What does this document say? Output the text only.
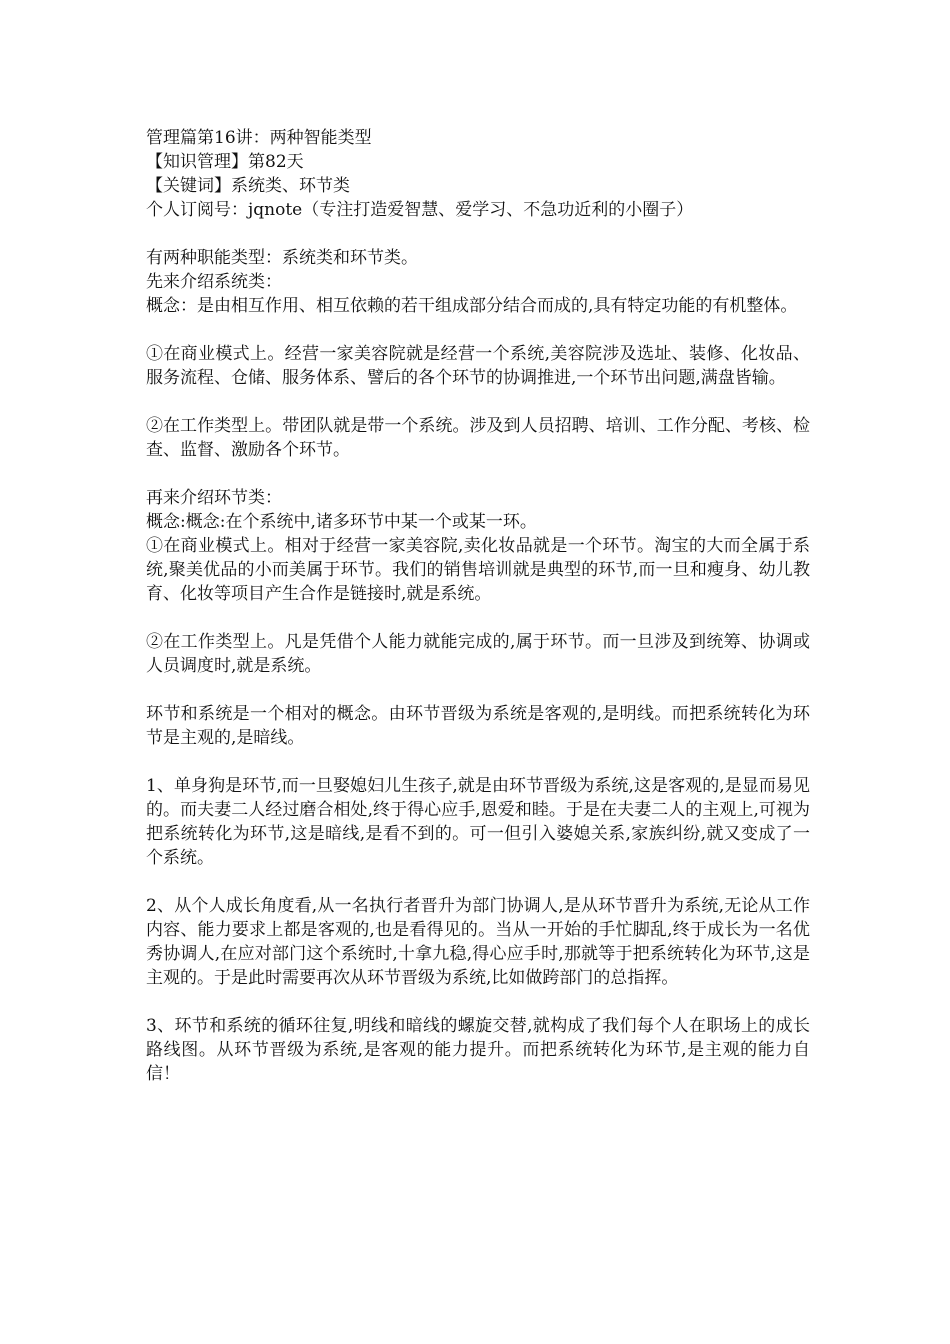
管理篇第16讲：两种智能类型

【知识管理】第82天

【关键词】系统类、环节类

个人订阅号：jqnote（专注打造爱智慧、爱学习、不急功近利的小圈子）

有两种职能类型：系统类和环节类。

先来介绍系统类：

概念：是由相互作用、相互依赖的若干组成部分结合而成的,具有特定功能的有机整体。

①在商业模式上。经营一家美容院就是经营一个系统,美容院涉及选址、装修、化妆品、服务流程、仓储、服务体系、譬后的各个环节的协调推进,一个环节出问题,满盘皆输。

②在工作类型上。带团队就是带一个系统。涉及到人员招聘、培训、工作分配、考核、检查、监督、激励各个环节。

再来介绍环节类：

概念:概念:在个系统中,诸多环节中某一个或某一环。

①在商业模式上。相对于经营一家美容院,卖化妆品就是一个环节。淘宝的大而全属于系统,聚美优品的小而美属于环节。我们的销售培训就是典型的环节,而一旦和瘦身、幼儿教育、化妆等项目产生合作是链接时,就是系统。

②在工作类型上。凡是凭借个人能力就能完成的,属于环节。而一旦涉及到统筹、协调或人员调度时,就是系统。

环节和系统是一个相对的概念。由环节晋级为系统是客观的,是明线。而把系统转化为环节是主观的,是暗线。

1、单身狗是环节,而一旦娶媳妇儿生孩子,就是由环节晋级为系统,这是客观的,是显而易见的。而夫妻二人经过磨合相处,终于得心应手,恩爱和睦。于是在夫妻二人的主观上,可视为把系统转化为环节,这是暗线,是看不到的。可一但引入婆媳关系,家族纠纷,就又变成了一个系统。

2、从个人成长角度看,从一名执行者晋升为部门协调人,是从环节晋升为系统,无论从工作内容、能力要求上都是客观的,也是看得见的。当从一开始的手忙脚乱,终于成长为一名优秀协调人,在应对部门这个系统时,十拿九稳,得心应手时,那就等于把系统转化为环节,这是主观的。于是此时需要再次从环节晋级为系统,比如做跨部门的总指挥。

3、环节和系统的循环往复,明线和暗线的螺旋交替,就构成了我们每个人在职场上的成长路线图。从环节晋级为系统,是客观的能力提升。而把系统转化为环节,是主观的能力自信！
